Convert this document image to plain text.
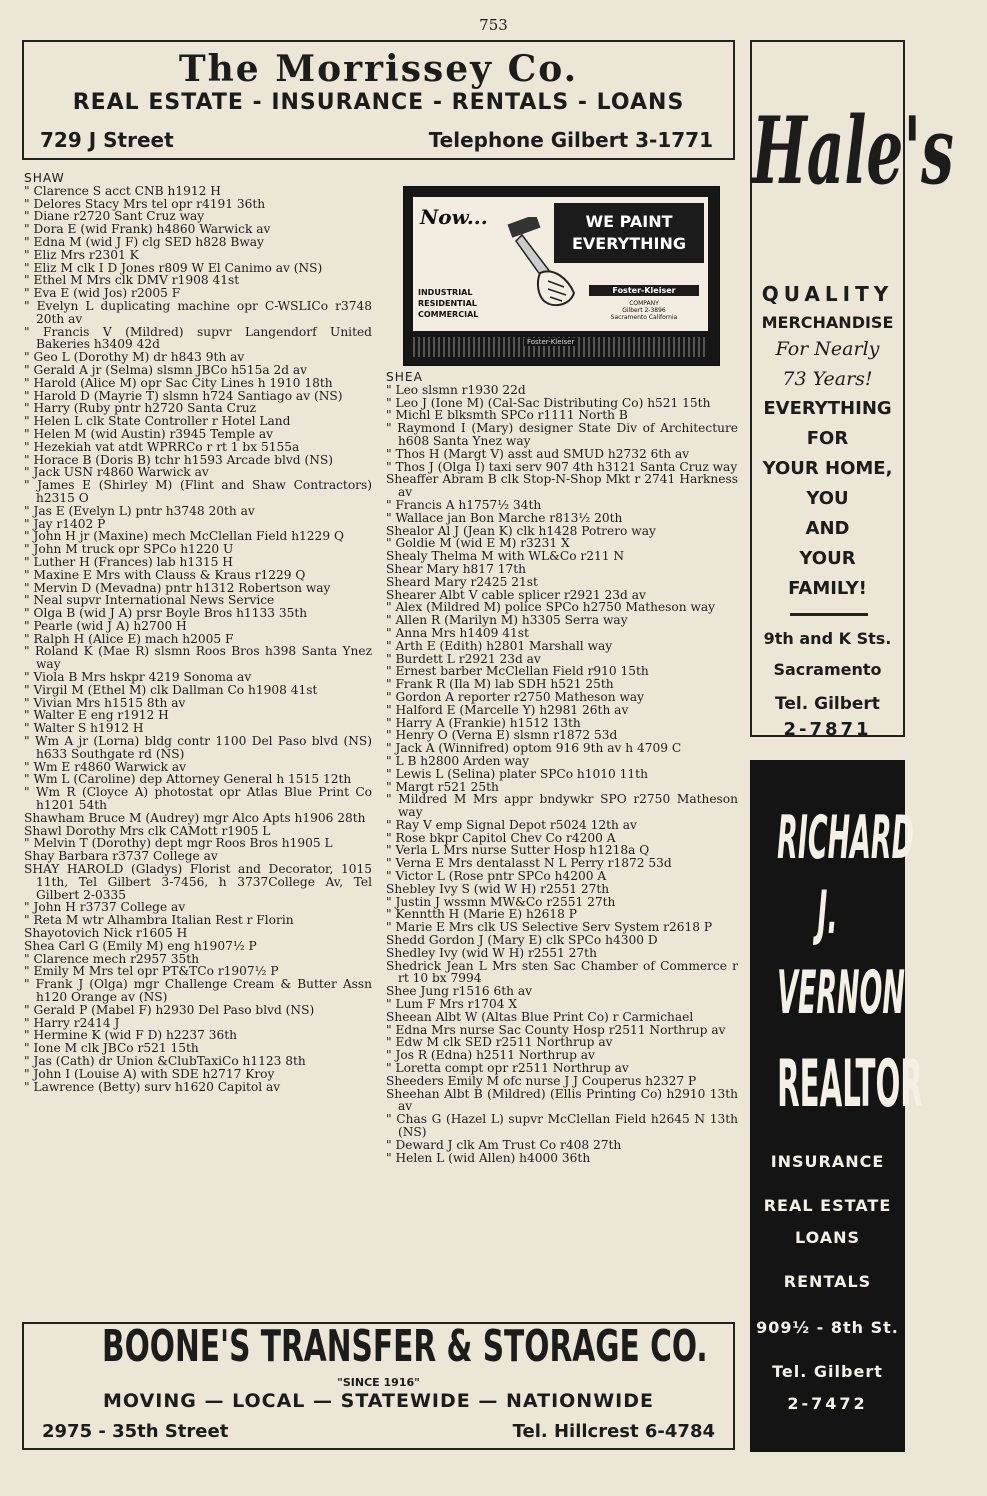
753
The Morrissey Co.
REAL ESTATE - INSURANCE - RENTALS - LOANS
729 J Street	Telephone Gilbert 3-1771 Hale's
QUALITY
MERCHANDISE
For Nearly
73 Years!
EVERYTHING
FOR
YOUR HOME,
YOU
AND
YOUR
FAMILY!
9th and K Sts.
Sacramento
Tel. Gilbert
2-7871
Now...	WE PAINT
EVERYTHING
INDUSTRIAL
RESIDENTIAL
COMMERCIAL
Foster-Kleiser
COMPANY
Gilbert 2-3896
Sacramento California
Foster-Kleiser
SHAW
" Clarence S acct CNB h1912 H
" Delores Stacy Mrs tel opr r4191 36th
" Diane r2720 Sant Cruz way
" Dora E (wid Frank) h4860 Warwick av
" Edna M (wid J F) clg SED h828 Bway
" Eliz Mrs r2301 K
" Eliz M clk I D Jones r809 W El Canimo av (NS)
" Ethel M Mrs clk DMV r1908 41st
" Eva E (wid Jos) r2005 F
" Evelyn L duplicating machine opr C-WSLICo r3748 20th av
" Francis V (Mildred) supvr Langendorf United Bakeries h3409 42d
" Geo L (Dorothy M) dr h843 9th av
" Gerald A jr (Selma) slsmn JBCo h515a 2d av
" Harold (Alice M) opr Sac City Lines h 1910 18th
" Harold D (Mayrie T) slsmn h724 Santiago av (NS)
" Harry (Ruby pntr h2720 Santa Cruz
" Helen L clk State Controller r Hotel Land
" Helen M (wid Austin) r3945 Temple av
" Hezekiah vat atdt WPRRCo r rt 1 bx 5155a
" Horace B (Doris B) tchr h1593 Arcade blvd (NS)
" Jack USN r4860 Warwick av
" James E (Shirley M) (Flint and Shaw Contractors) h2315 O
" Jas E (Evelyn L) pntr h3748 20th av
" Jay r1402 P
" John H jr (Maxine) mech McClellan Field h1229 Q
" John M truck opr SPCo h1220 U
" Luther H (Frances) lab h1315 H
" Maxine E Mrs with Clauss & Kraus r1229 Q
" Mervin D (Mevadna) pntr h1312 Robertson way
" Neal supvr International News Service
" Olga B (wid J A) prsr Boyle Bros h1133 35th
" Pearle (wid J A) h2700 H
" Ralph H (Alice E) mach h2005 F
" Roland K (Mae R) slsmn Roos Bros h398 Santa Ynez way
" Viola B Mrs hskpr 4219 Sonoma av
" Virgil M (Ethel M) clk Dallman Co h1908 41st
" Vivian Mrs h1515 8th av
" Walter E eng r1912 H
" Walter S h1912 H
" Wm A jr (Lorna) bldg contr 1100 Del Paso blvd (NS) h633 Southgate rd (NS)
" Wm E r4860 Warwick av
" Wm L (Caroline) dep Attorney General h 1515 12th
" Wm R (Cloyce A) photostat opr Atlas Blue Print Co h1201 54th
Shawham Bruce M (Audrey) mgr Alco Apts h1906 28th
Shawl Dorothy Mrs clk CAMott r1905 L
" Melvin T (Dorothy) dept mgr Roos Bros h1905 L
Shay Barbara r3737 College av
SHAY HAROLD (Gladys) Florist and Decorator, 1015 11th, Tel Gilbert 3-7456, h 3737College Av, Tel Gilbert 2-0335
" John H r3737 College av
" Reta M wtr Alhambra Italian Rest r Florin
Shayotovich Nick r1605 H
Shea Carl G (Emily M) eng h1907½ P
" Clarence mech r2957 35th
" Emily M Mrs tel opr PT&TCo r1907½ P
" Frank J (Olga) mgr Challenge Cream & Butter Assn h120 Orange av (NS)
" Gerald P (Mabel F) h2930 Del Paso blvd (NS)
" Harry r2414 J
" Hermine K (wid F D) h2237 36th
" Ione M clk JBCo r521 15th
" Jas (Cath) dr Union &ClubTaxiCo h1123 8th
" John I (Louise A) with SDE h2717 Kroy
" Lawrence (Betty) surv h1620 Capitol av
SHEA
" Leo slsmn r1930 22d
" Leo J (Ione M) (Cal-Sac Distributing Co) h521 15th
" Michl E blksmth SPCo r1111 North B
" Raymond I (Mary) designer State Div of Architecture h608 Santa Ynez way
" Thos H (Margt V) asst aud SMUD h2732 6th av
" Thos J (Olga I) taxi serv 907 4th h3121 Santa Cruz way
Sheaffer Abram B clk Stop-N-Shop Mkt r 2741 Harkness av
" Francis A h1757½ 34th
" Wallace jan Bon Marche r813½ 20th
Shealor Al J (Jean K) clk h1428 Potrero way
" Goldie M (wid E M) r3231 X
Shealy Thelma M with WL&Co r211 N
Shear Mary h817 17th
Sheard Mary r2425 21st
Shearer Albt V cable splicer r2921 23d av
" Alex (Mildred M) police SPCo h2750 Matheson way
" Allen R (Marilyn M) h3305 Serra way
" Anna Mrs h1409 41st
" Arth E (Edith) h2801 Marshall way
" Burdett L r2921 23d av
" Ernest barber McClellan Field r910 15th
" Frank R (Ila M) lab SDH h521 25th
" Gordon A reporter r2750 Matheson way
" Halford E (Marcelle Y) h2981 26th av
" Harry A (Frankie) h1512 13th
" Henry O (Verna E) slsmn r1872 53d
" Jack A (Winnifred) optom 916 9th av h 4709 C
" L B h2800 Arden way
" Lewis L (Selina) plater SPCo h1010 11th
" Margt r521 25th
" Mildred M Mrs appr bndywkr SPO r2750 Matheson way
" Ray V emp Signal Depot r5024 12th av
" Rose bkpr Capitol Chev Co r4200 A
" Verla L Mrs nurse Sutter Hosp h1218a Q
" Verna E Mrs dentalasst N L Perry r1872 53d
" Victor L (Rose pntr SPCo h4200 A
Shebley Ivy S (wid W H) r2551 27th
" Justin J wssmn MW&Co r2551 27th
" Kenntth H (Marie E) h2618 P
" Marie E Mrs clk US Selective Serv System r2618 P
Shedd Gordon J (Mary E) clk SPCo h4300 D
Shedley Ivy (wid W H) r2551 27th
Shedrick Jean L Mrs sten Sac Chamber of Commerce r rt 10 bx 7994
Shee Jung r1516 6th av
" Lum F Mrs r1704 X
Sheean Albt W (Altas Blue Print Co) r Carmichael
" Edna Mrs nurse Sac County Hosp r2511 Northrup av
" Edw M clk SED r2511 Northrup av
" Jos R (Edna) h2511 Northrup av
" Loretta compt opr r2511 Northrup av
Sheeders Emily M ofc nurse J J Couperus h2327 P
Sheehan Albt B (Mildred) (Ellis Printing Co) h2910 13th av
" Chas G (Hazel L) supvr McClellan Field h2645 N 13th (NS)
" Deward J clk Am Trust Co r408 27th
" Helen L (wid Allen) h4000 36th
RICHARD
J.
VERNON
REALTOR
INSURANCE
REAL ESTATE
LOANS
RENTALS
909½ - 8th St.
Tel. Gilbert
2-7472
BOONE'S TRANSFER & STORAGE CO.
"SINCE 1916"
MOVING — LOCAL — STATEWIDE — NATIONWIDE
2975 - 35th Street	Tel. Hillcrest 6-4784
